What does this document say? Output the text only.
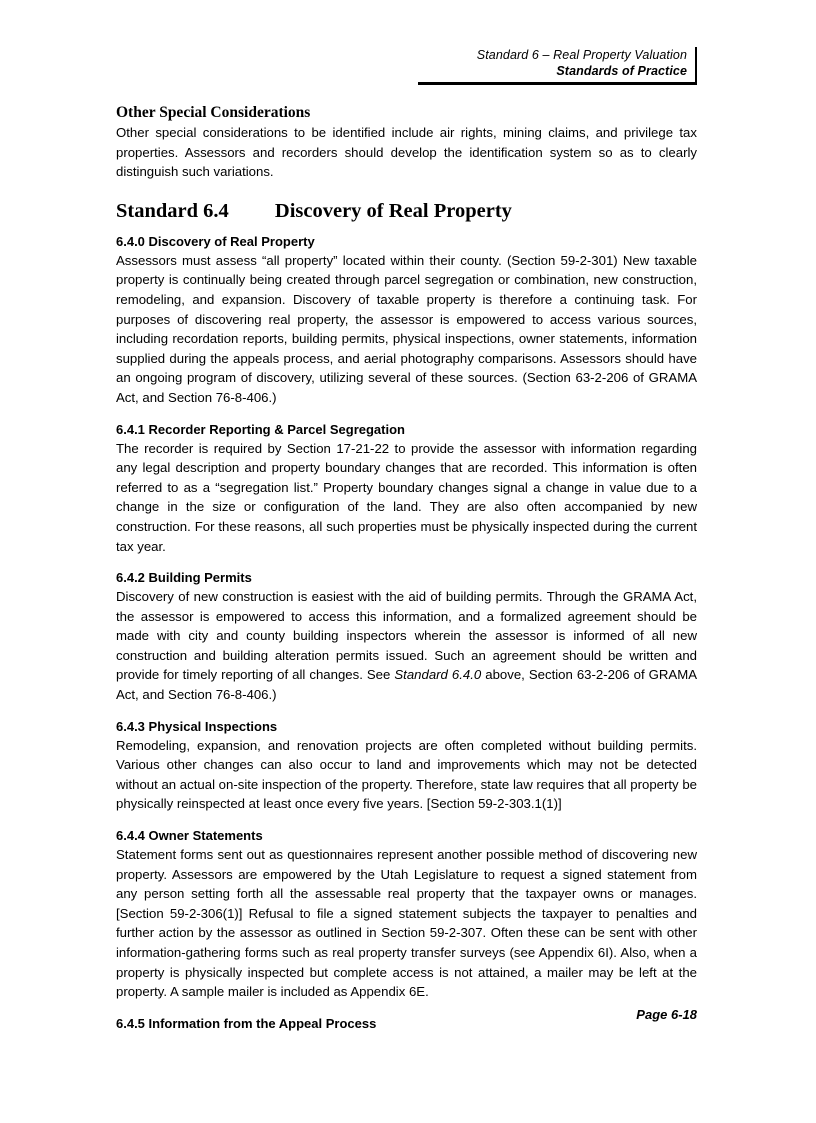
Standard 6 – Real Property Valuation
Standards of Practice
Other Special Considerations

Other special considerations to be identified include air rights, mining claims, and privilege tax properties. Assessors and recorders should develop the identification system so as to clearly distinguish such variations.

Standard 6.4   Discovery of Real Property
6.4.0 Discovery of Real Property

Assessors must assess “all property” located within their county. (Section 59-2-301) New taxable property is continually being created through parcel segregation or combination, new construction, remodeling, and expansion. Discovery of taxable property is therefore a continuing task. For purposes of discovering real property, the assessor is empowered to access various sources, including recordation reports, building permits, physical inspections, owner statements, information supplied during the appeals process, and aerial photography comparisons. Assessors should have an ongoing program of discovery, utilizing several of these sources. (Section 63-2-206 of GRAMA Act, and Section 76-8-406.)

6.4.1 Recorder Reporting & Parcel Segregation

The recorder is required by Section 17-21-22 to provide the assessor with information regarding any legal description and property boundary changes that are recorded. This information is often referred to as a “segregation list.” Property boundary changes signal a change in value due to a change in the size or configuration of the land. They are also often accompanied by new construction. For these reasons, all such properties must be physically inspected during the current tax year.

6.4.2 Building Permits

Discovery of new construction is easiest with the aid of building permits. Through the GRAMA Act, the assessor is empowered to access this information, and a formalized agreement should be made with city and county building inspectors wherein the assessor is informed of all new construction and building alteration permits issued. Such an agreement should be written and provide for timely reporting of all changes. See Standard 6.4.0 above, Section 63-2-206 of GRAMA Act, and Section 76-8-406.)

6.4.3 Physical Inspections

Remodeling, expansion, and renovation projects are often completed without building permits. Various other changes can also occur to land and improvements which may not be detected without an actual on-site inspection of the property. Therefore, state law requires that all property be physically reinspected at least once every five years. [Section 59-2-303.1(1)]

6.4.4 Owner Statements

Statement forms sent out as questionnaires represent another possible method of discovering new property. Assessors are empowered by the Utah Legislature to request a signed statement from any person setting forth all the assessable real property that the taxpayer owns or manages. [Section 59-2-306(1)] Refusal to file a signed statement subjects the taxpayer to penalties and further action by the assessor as outlined in Section 59-2-307. Often these can be sent with other information-gathering forms such as real property transfer surveys (see Appendix 6I). Also, when a property is physically inspected but complete access is not attained, a mailer may be left at the property. A sample mailer is included as Appendix 6E.

6.4.5 Information from the Appeal Process
Page 6-18
